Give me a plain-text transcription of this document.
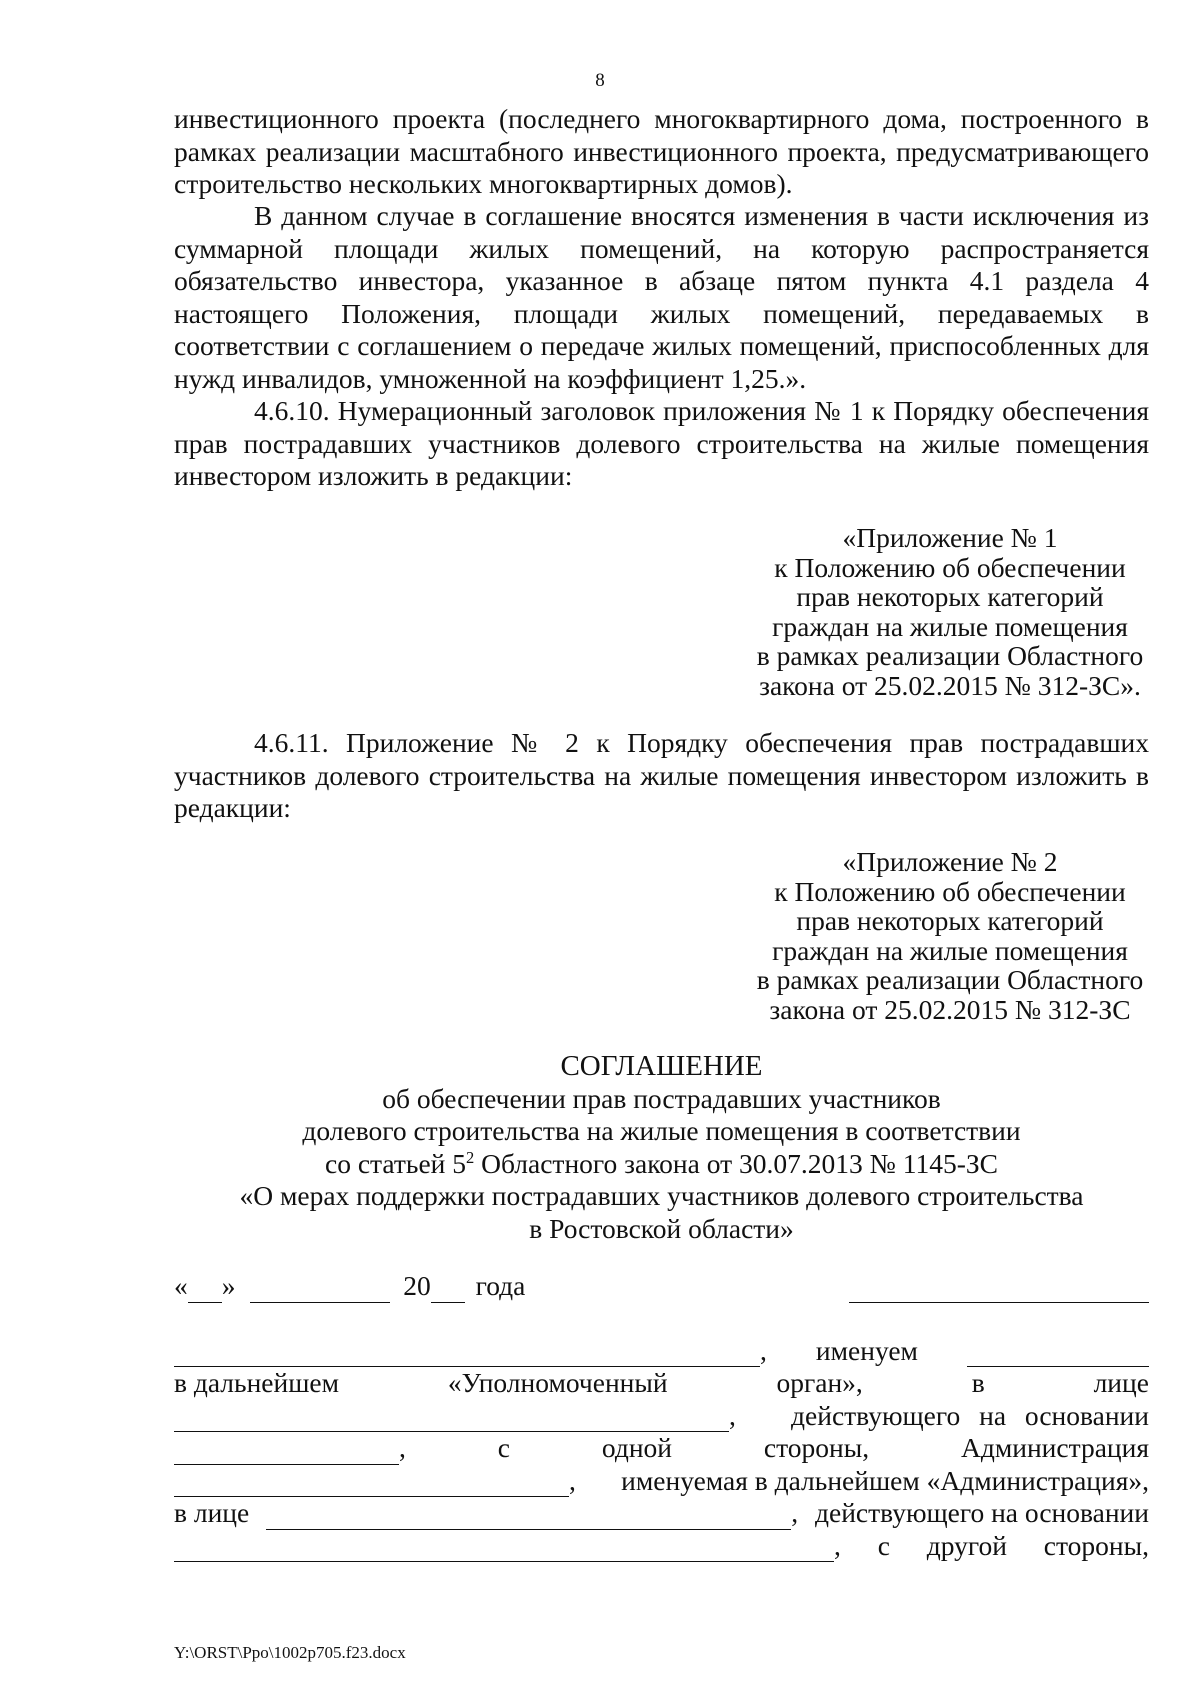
8
инвестиционного проекта (последнего многоквартирного дома, построенного в рамках реализации масштабного инвестиционного проекта, предусматривающего строительство нескольких многоквартирных домов).
В данном случае в соглашение вносятся изменения в части исключения из суммарной площади жилых помещений, на которую распространяется обязательство инвестора, указанное в абзаце пятом пункта 4.1 раздела 4 настоящего Положения, площади жилых помещений, передаваемых в соответствии с соглашением о передаче жилых помещений, приспособленных для нужд инвалидов, умноженной на коэффициент 1,25.».
4.6.10. Нумерационный заголовок приложения № 1 к Порядку обеспечения прав пострадавших участников долевого строительства на жилые помещения инвестором изложить в редакции:
«Приложение № 1
к Положению об обеспечении
прав некоторых категорий
граждан на жилые помещения
в рамках реализации Областного
закона от 25.02.2015 № 312-ЗС».
4.6.11. Приложение № 2 к Порядку обеспечения прав пострадавших участников долевого строительства на жилые помещения инвестором изложить в редакции:
«Приложение № 2
к Положению об обеспечении
прав некоторых категорий
граждан на жилые помещения
в рамках реализации Областного
закона от 25.02.2015 № 312-ЗС
СОГЛАШЕНИЕ
об обеспечении прав пострадавших участников
долевого строительства на жилые помещения в соответствии
со статьей $5^2$ Областного закона от 30.07.2013 № 1145-ЗС
«О мерах поддержки пострадавших участников долевого строительства
в Ростовской области»
« »	20 года
, именуем
в дальнейшем	«Уполномоченный	орган»,	в	лице
, действующего на основании
,	с	одной	стороны,	Администрация
, именуемая в дальнейшем «Администрация»,
в лице	, действующего на основании
, с другой стороны,
Y:\ORST\Ppo\1002p705.f23.docx
